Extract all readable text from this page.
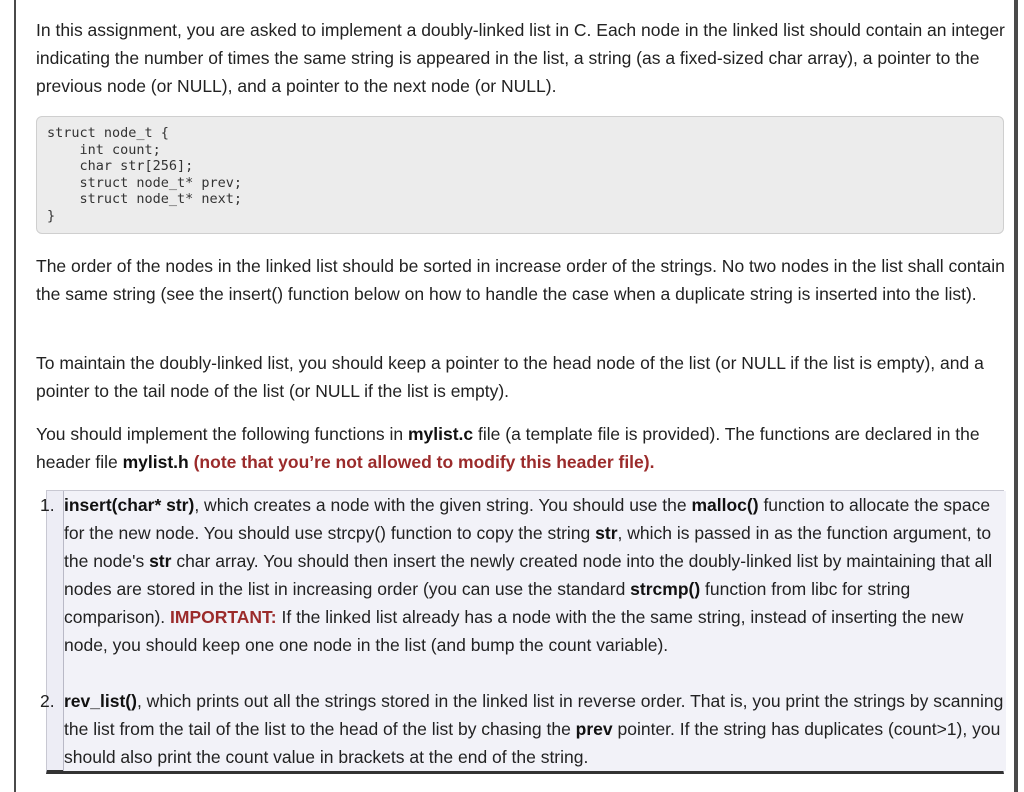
In this assignment, you are asked to implement a doubly-linked list in C. Each node in the linked list should contain an integer indicating the number of times the same string is appeared in the list, a string (as a fixed-sized char array), a pointer to the previous node (or NULL), and a pointer to the next node (or NULL).

struct node_t {
int count;
char str[256];
struct node_t* prev;
struct node_t* next;
}

The order of the nodes in the linked list should be sorted in increase order of the strings. No two nodes in the list shall contain the same string (see the insert() function below on how to handle the case when a duplicate string is inserted into the list).

To maintain the doubly-linked list, you should keep a pointer to the head node of the list (or NULL if the list is empty), and a pointer to the tail node of the list (or NULL if the list is empty).

You should implement the following functions in mylist.c file (a template file is provided). The functions are declared in the header file mylist.h (note that you’re not allowed to modify this header file).

1. insert(char* str), which creates a node with the given string. You should use the malloc() function to allocate the space for the new node. You should use strcpy() function to copy the string str, which is passed in as the function argument, to the node's str char array. You should then insert the newly created node into the doubly-linked list by maintaining that all nodes are stored in the list in increasing order (you can use the standard strcmp() function from libc for string comparison). IMPORTANT: If the linked list already has a node with the the same string, instead of inserting the new node, you should keep one one node in the list (and bump the count variable).

2. rev_list(), which prints out all the strings stored in the linked list in reverse order. That is, you print the strings by scanning the list from the tail of the list to the head of the list by chasing the prev pointer. If the string has duplicates (count>1), you should also print the count value in brackets at the end of the string.
